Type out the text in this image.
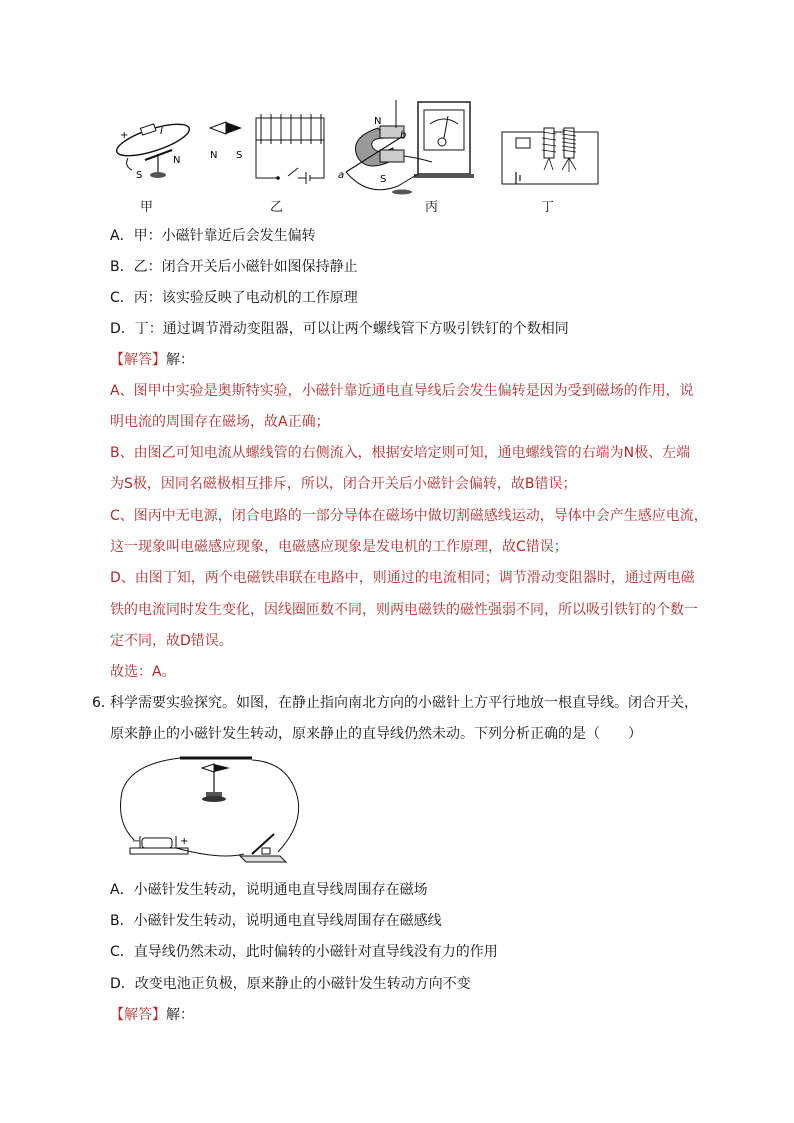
+	I
S
N	N S
N
S
a
b
甲	乙	丙	丁
A．甲：小磁针靠近后会发生偏转
B．乙：闭合开关后小磁针如图保持静止
C．丙：该实验反映了电动机的工作原理
D．丁：通过调节滑动变阻器，可以让两个螺线管下方吸引铁钉的个数相同
【解答】解：
A、图甲中实验是奥斯特实验，小磁针靠近通电直导线后会发生偏转是因为受到磁场的作用，说
明电流的周围存在磁场，故A正确；
B、由图乙可知电流从螺线管的右侧流入，根据安培定则可知，通电螺线管的右端为N极、左端
为S极，因同名磁极相互排斥，所以，闭合开关后小磁针会偏转，故B错误；
C、图丙中无电源，闭合电路的一部分导体在磁场中做切割磁感线运动，导体中会产生感应电流，
这一现象叫电磁感应现象，电磁感应现象是发电机的工作原理，故C错误；
D、由图丁知，两个电磁铁串联在电路中，则通过的电流相同；调节滑动变阻器时，通过两电磁
铁的电流同时发生变化，因线圈匝数不同，则两电磁铁的磁性强弱不同，所以吸引铁钉的个数一
定不同，故D错误。
故选：A。
6．
科学需要实验探究。如图，在静止指向南北方向的小磁针上方平行地放一根直导线。闭合开关，
原来静止的小磁针发生转动，原来静止的直导线仍然未动。下列分析正确的是（　　）
−	+
A．小磁针发生转动，说明通电直导线周围存在磁场
B．小磁针发生转动，说明通电直导线周围存在磁感线
C．直导线仍然未动，此时偏转的小磁针对直导线没有力的作用
D．改变电池正负极，原来静止的小磁针发生转动方向不变
【解答】解：
